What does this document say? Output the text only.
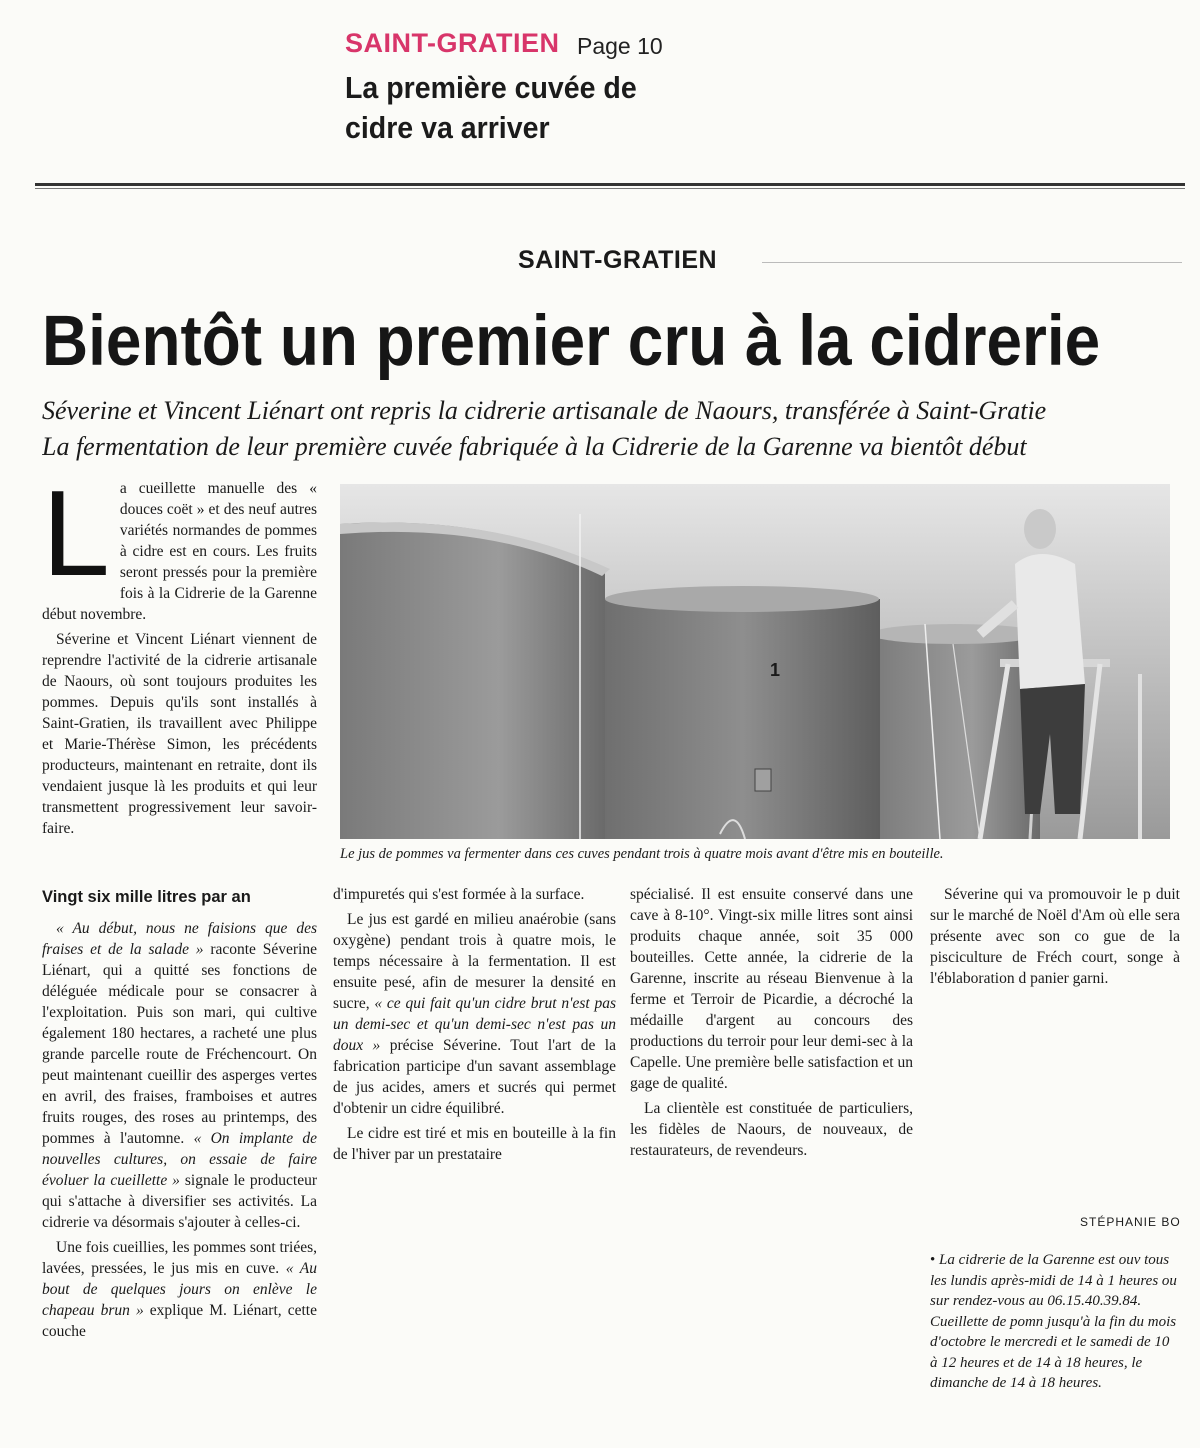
SAINT-GRATIEN Page 10
La première cuvée de cidre va arriver
SAINT-GRATIEN
Bientôt un premier cru à la cidrerie
Séverine et Vincent Liénart ont repris la cidrerie artisanale de Naours, transférée à Saint-Gratie
La fermentation de leur première cuvée fabriquée à la Cidrerie de la Garenne va bientôt début
L a cueillette manuelle des « douces coët » et des neuf autres variétés normandes de pommes à cidre est en cours. Les fruits seront pressés pour la première fois à la Cidrerie de la Garenne début novembre.

Séverine et Vincent Liénart viennent de reprendre l'activité de la cidrerie artisanale de Naours, où sont toujours produites les pommes. Depuis qu'ils sont installés à Saint-Gratien, ils travaillent avec Philippe et Marie-Thérèse Simon, les précédents producteurs, maintenant en retraite, dont ils vendaient jusque là les produits et qui leur transmettent progressivement leur savoir-faire.

Vingt six mille litres par an

« Au début, nous ne faisions que des fraises et de la salade » raconte Séverine Liénart, qui a quitté ses fonctions de déléguée médicale pour se consacrer à l'exploitation. Puis son mari, qui cultive également 180 hectares, a racheté une plus grande parcelle route de Fréchencourt. On peut maintenant cueillir des asperges vertes en avril, des fraises, framboises et autres fruits rouges, des roses au printemps, des pommes à l'automne. « On implante de nouvelles cultures, on essaie de faire évoluer la cueillette » signale le producteur qui s'attache à diversifier ses activités. La cidrerie va désormais s'ajouter à celles-ci.

Une fois cueillies, les pommes sont triées, lavées, pressées, le jus mis en cuve. « Au bout de quelques jours on enlève le chapeau brun » explique M. Liénart, cette couche

1
Le jus de pommes va fermenter dans ces cuves pendant trois à quatre mois avant d'être mis en bouteille.

d'impuretés qui s'est formée à la surface.

Le jus est gardé en milieu anaérobie (sans oxygène) pendant trois à quatre mois, le temps nécessaire à la fermentation. Il est ensuite pesé, afin de mesurer la densité en sucre, « ce qui fait qu'un cidre brut n'est pas un demi-sec et qu'un demi-sec n'est pas un doux » précise Séverine. Tout l'art de la fabrication participe d'un savant assemblage de jus acides, amers et sucrés qui permet d'obtenir un cidre équilibré.

Le cidre est tiré et mis en bouteille à la fin de l'hiver par un prestataire

spécialisé. Il est ensuite conservé dans une cave à 8-10°. Vingt-six mille litres sont ainsi produits chaque année, soit 35 000 bouteilles. Cette année, la cidrerie de la Garenne, inscrite au réseau Bienvenue à la ferme et Terroir de Picardie, a décroché la médaille d'argent au concours des productions du terroir pour leur demi-sec à la Capelle. Une première belle satisfaction et un gage de qualité.

La clientèle est constituée de particuliers, les fidèles de Naours, de nouveaux, de restaurateurs, de revendeurs.

Séverine qui va promouvoir le p duit sur le marché de Noël d'Am où elle sera présente avec son co gue de la pisciculture de Fréch court, songe à l'éblaboration d panier garni.

STÉPHANIE BO
• La cidrerie de la Garenne est ouv tous les lundis après-midi de 14 à 1 heures ou sur rendez-vous au 06.15.40.39.84. Cueillette de pomn jusqu'à la fin du mois d'octobre le mercredi et le samedi de 10 à 12 heures et de 14 à 18 heures, le dimanche de 14 à 18 heures.
